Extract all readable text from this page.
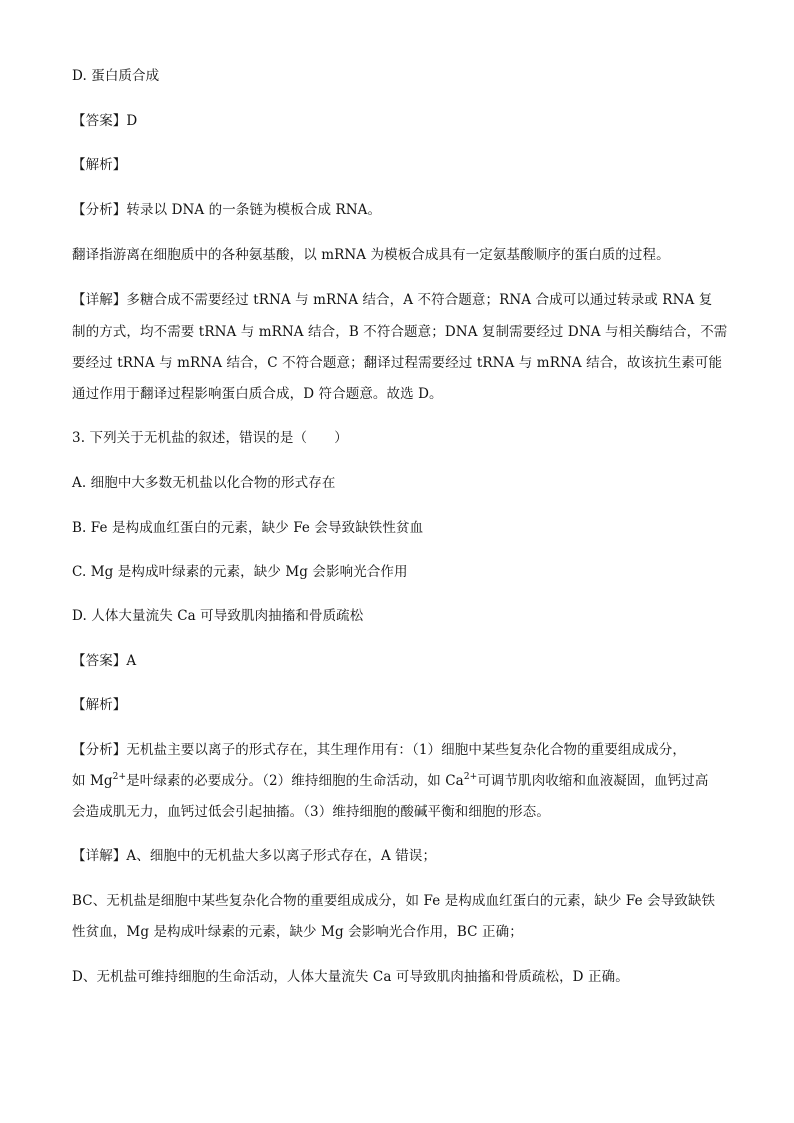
D. 蛋白质合成
【答案】D
【解析】
【分析】转录以 DNA 的一条链为模板合成 RNA。
翻译指游离在细胞质中的各种氨基酸，以 mRNA 为模板合成具有一定氨基酸顺序的蛋白质的过程。
【详解】多糖合成不需要经过 tRNA 与 mRNA 结合，A 不符合题意；RNA 合成可以通过转录或 RNA 复
制的方式，均不需要 tRNA 与 mRNA 结合，B 不符合题意；DNA 复制需要经过 DNA 与相关酶结合，不需
要经过 tRNA 与 mRNA 结合，C 不符合题意；翻译过程需要经过 tRNA 与 mRNA 结合，故该抗生素可能
通过作用于翻译过程影响蛋白质合成，D 符合题意。故选 D。
3. 下列关于无机盐的叙述，错误的是（　　）
A. 细胞中大多数无机盐以化合物的形式存在
B. Fe 是构成血红蛋白的元素，缺少 Fe 会导致缺铁性贫血
C. Mg 是构成叶绿素的元素，缺少 Mg 会影响光合作用
D. 人体大量流失 Ca 可导致肌肉抽搐和骨质疏松
【答案】A
【解析】
【分析】无机盐主要以离子的形式存在，其生理作用有：（1）细胞中某些复杂化合物的重要组成成分，
如 $Mg^{2+}$是叶绿素的必要成分。（2）维持细胞的生命活动，如 $Ca^{2+}$可调节肌肉收缩和血液凝固，血钙过高
会造成肌无力，血钙过低会引起抽搐。（3）维持细胞的酸碱平衡和细胞的形态。
【详解】A、细胞中的无机盐大多以离子形式存在，A 错误；
BC、无机盐是细胞中某些复杂化合物的重要组成成分，如 Fe 是构成血红蛋白的元素，缺少 Fe 会导致缺铁
性贫血，Mg 是构成叶绿素的元素，缺少 Mg 会影响光合作用，BC 正确；
D、无机盐可维持细胞的生命活动，人体大量流失 Ca 可导致肌肉抽搐和骨质疏松，D 正确。
